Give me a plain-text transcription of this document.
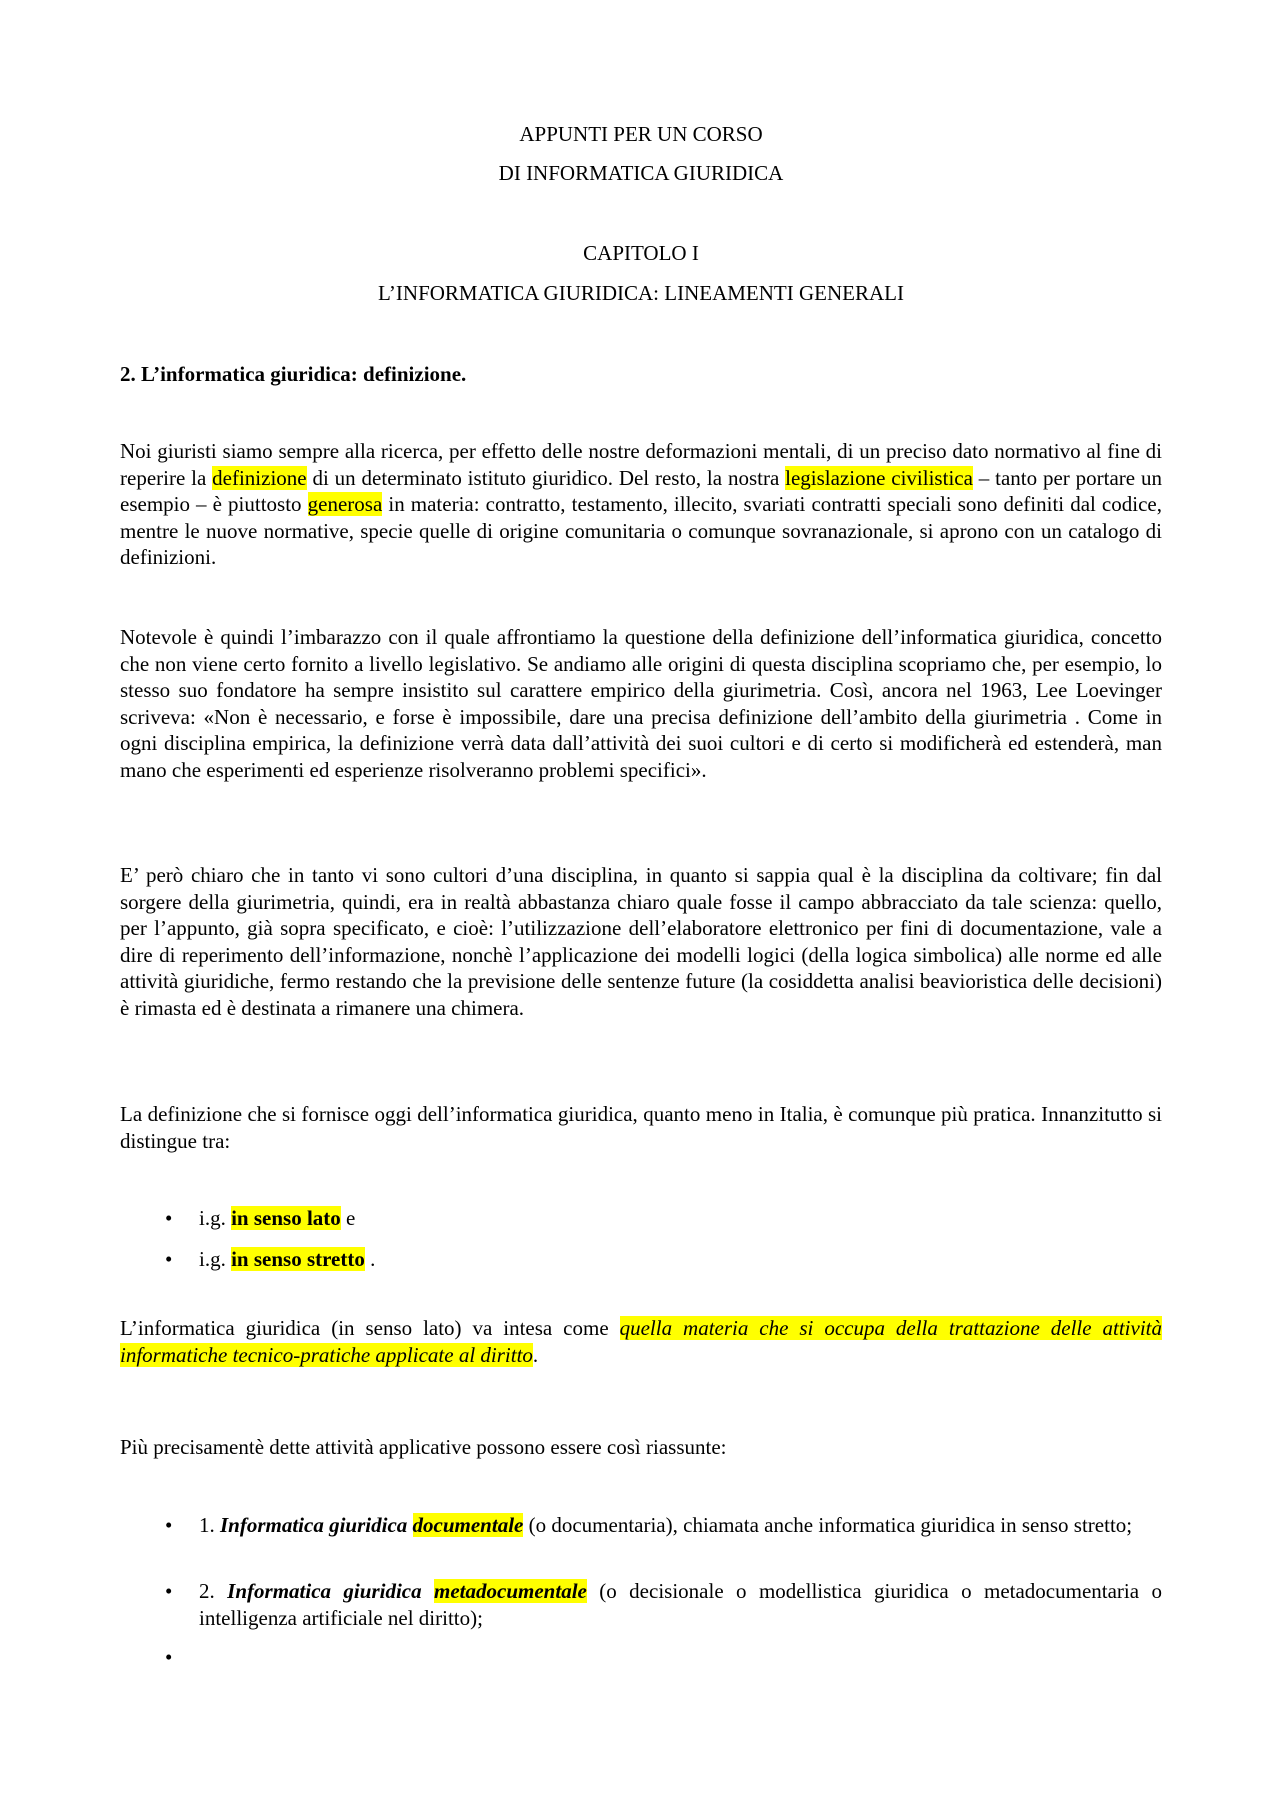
APPUNTI PER UN CORSO
DI INFORMATICA GIURIDICA
CAPITOLO I
L’INFORMATICA GIURIDICA: LINEAMENTI GENERALI
2. L’informatica giuridica: definizione.

Noi giuristi siamo sempre alla ricerca, per effetto delle nostre deformazioni mentali, di un preciso dato normativo al fine di reperire la definizione di un determinato istituto giuridico. Del resto, la nostra legislazione civilistica – tanto per portare un esempio – è piuttosto generosa in materia: contratto, testamento, illecito, svariati contratti speciali sono definiti dal codice, mentre le nuove normative, specie quelle di origine comunitaria o comunque sovranazionale, si aprono con un catalogo di definizioni.

Notevole è quindi l’imbarazzo con il quale affrontiamo la questione della definizione dell’informatica giuridica, concetto che non viene certo fornito a livello legislativo. Se andiamo alle origini di questa disciplina scopriamo che, per esempio, lo stesso suo fondatore ha sempre insistito sul carattere empirico della giurimetria. Così, ancora nel 1963, Lee Loevinger scriveva: «Non è necessario, e forse è impossibile, dare una precisa definizione dell’ambito della giurimetria . Come in ogni disciplina empirica, la definizione verrà data dall’attività dei suoi cultori e di certo si modificherà ed estenderà, man mano che esperimenti ed esperienze risolveranno problemi specifici».

E’ però chiaro che in tanto vi sono cultori d’una disciplina, in quanto si sappia qual è la disciplina da coltivare; fin dal sorgere della giurimetria, quindi, era in realtà abbastanza chiaro quale fosse il campo abbracciato da tale scienza: quello, per l’appunto, già sopra specificato, e cioè: l’utilizzazione dell’elaboratore elettronico per fini di documentazione, vale a dire di reperimento dell’informazione, nonchè l’applicazione dei modelli logici (della logica simbolica) alle norme ed alle attività giuridiche, fermo restando che la previsione delle sentenze future (la cosiddetta analisi beavioristica delle decisioni) è rimasta ed è destinata a rimanere una chimera.

La definizione che si fornisce oggi dell’informatica giuridica, quanto meno in Italia, è comunque più pratica. Innanzitutto si distingue tra:

•	i.g. in senso lato e
•	i.g. in senso stretto .

L’informatica giuridica (in senso lato) va intesa come quella materia che si occupa della trattazione delle attività informatiche tecnico-pratiche applicate al diritto.

Più precisamentè dette attività applicative possono essere così riassunte:

•	1. Informatica giuridica documentale (o documentaria), chiamata anche informatica giuridica in senso stretto;
•	2. Informatica giuridica metadocumentale (o decisionale o modellistica giuridica o metadocumentaria o intelligenza artificiale nel diritto);
•
